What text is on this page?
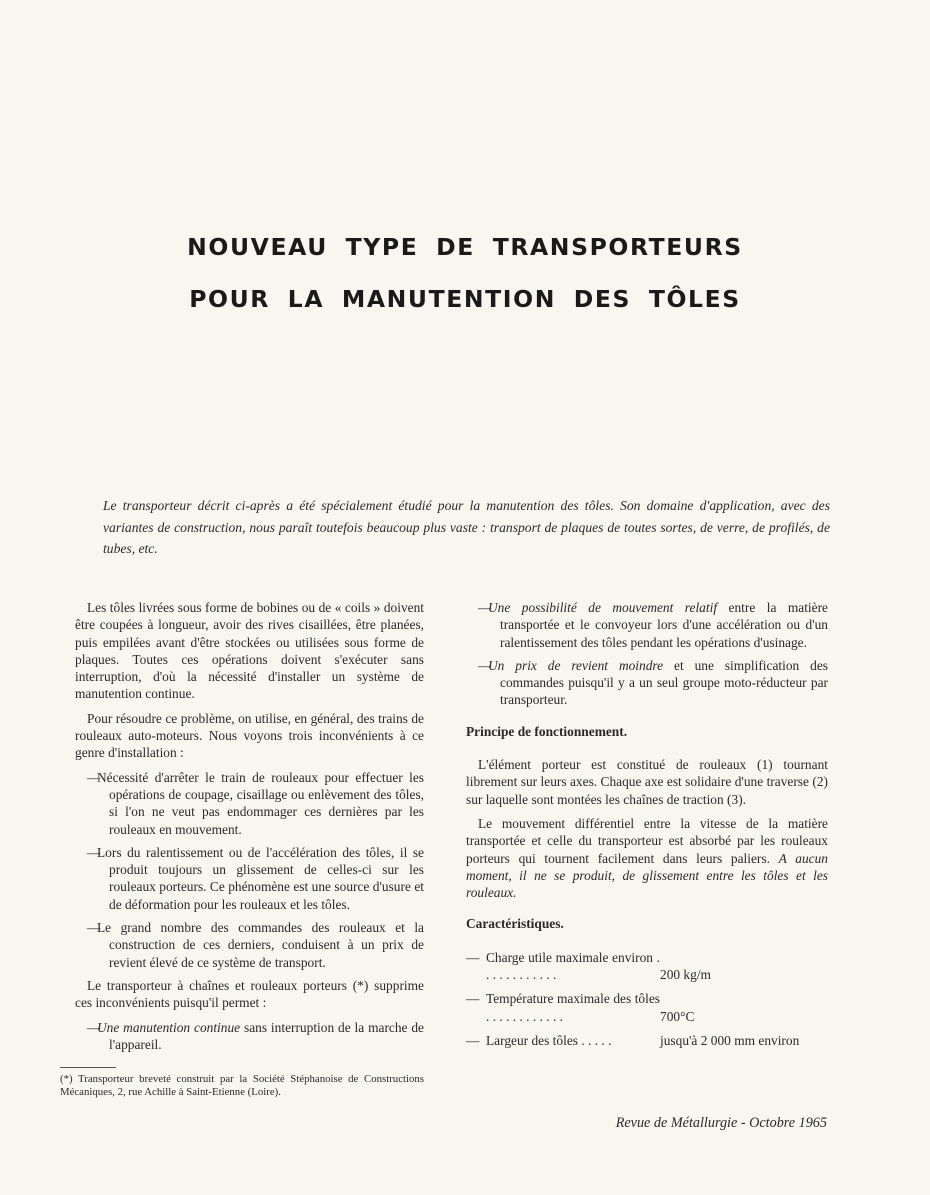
NOUVEAU TYPE DE TRANSPORTEURS
POUR LA MANUTENTION DES TÔLES
Le transporteur décrit ci-après a été spécialement étudié pour la manutention des tôles. Son domaine d'application, avec des variantes de construction, nous paraît toutefois beaucoup plus vaste : transport de plaques de toutes sortes, de verre, de profilés, de tubes, etc.

Les tôles livrées sous forme de bobines ou de « coils » doivent être coupées à longueur, avoir des rives cisaillées, être planées, puis empilées avant d'être stockées ou utilisées sous forme de plaques. Toutes ces opérations doivent s'exécuter sans interruption, d'où la nécessité d'installer un système de manutention continue.

Pour résoudre ce problème, on utilise, en général, des trains de rouleaux auto-moteurs. Nous voyons trois inconvénients à ce genre d'installation :

—
Nécessité d'arrêter le train de rouleaux pour effectuer les opérations de coupage, cisaillage ou enlèvement des tôles, si l'on ne veut pas endommager ces dernières par les rouleaux en mouvement.

—
Lors du ralentissement ou de l'accélération des tôles, il se produit toujours un glissement de celles-ci sur les rouleaux porteurs. Ce phénomène est une source d'usure et de déformation pour les rouleaux et les tôles.

—
Le grand nombre des commandes des rouleaux et la construction de ces derniers, conduisent à un prix de revient élevé de ce système de transport.

Le transporteur à chaînes et rouleaux porteurs (*) supprime ces inconvénients puisqu'il permet :

—
Une manutention continue sans interruption de la marche de l'appareil.

(*) Transporteur breveté construit par la Société Stéphanoise de Constructions Mécaniques, 2, rue Achille à Saint-Etienne (Loire).

—
Une possibilité de mouvement relatif entre la matière transportée et le convoyeur lors d'une accélération ou d'un ralentissement des tôles pendant les opérations d'usinage.

—
Un prix de revient moindre et une simplification des commandes puisqu'il y a un seul groupe moto-réducteur par transporteur.

Principe de fonctionnement.

L'élément porteur est constitué de rouleaux (1) tournant librement sur leurs axes. Chaque axe est solidaire d'une traverse (2) sur laquelle sont montées les chaînes de traction (3).

Le mouvement différentiel entre la vitesse de la matière transportée et celle du transporteur est absorbé par les rouleaux porteurs qui tournent facilement dans leurs paliers. A aucun moment, il ne se produit, de glissement entre les tôles et les rouleaux.

Caractéristiques.
— Charge utile maximale environ . . . . . . . . . . . .	200 kg/m
— Température maximale des tôles . . . . . . . . . . . .	700°C
— Largeur des tôles . . . . .	jusqu'à 2 000 mm environ
Revue de Métallurgie - Octobre 1965
